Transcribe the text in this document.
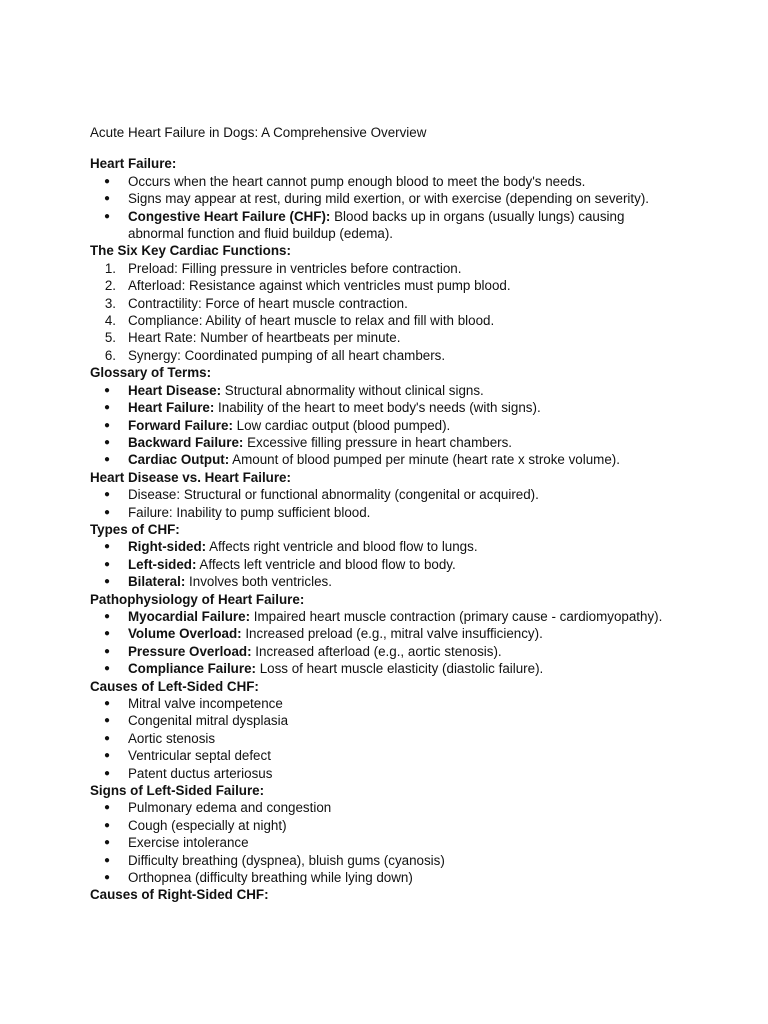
Acute Heart Failure in Dogs: A Comprehensive Overview
Heart Failure:
● Occurs when the heart cannot pump enough blood to meet the body's needs.
● Signs may appear at rest, during mild exertion, or with exercise (depending on severity).
● Congestive Heart Failure (CHF): Blood backs up in organs (usually lungs) causing abnormal function and fluid buildup (edema).
The Six Key Cardiac Functions:
1. Preload: Filling pressure in ventricles before contraction.
2. Afterload: Resistance against which ventricles must pump blood.
3. Contractility: Force of heart muscle contraction.
4. Compliance: Ability of heart muscle to relax and fill with blood.
5. Heart Rate: Number of heartbeats per minute.
6. Synergy: Coordinated pumping of all heart chambers.
Glossary of Terms:
● Heart Disease: Structural abnormality without clinical signs.
● Heart Failure: Inability of the heart to meet body's needs (with signs).
● Forward Failure: Low cardiac output (blood pumped).
● Backward Failure: Excessive filling pressure in heart chambers.
● Cardiac Output: Amount of blood pumped per minute (heart rate x stroke volume).
Heart Disease vs. Heart Failure:
● Disease: Structural or functional abnormality (congenital or acquired).
● Failure: Inability to pump sufficient blood.
Types of CHF:
● Right-sided: Affects right ventricle and blood flow to lungs.
● Left-sided: Affects left ventricle and blood flow to body.
● Bilateral: Involves both ventricles.
Pathophysiology of Heart Failure:
● Myocardial Failure: Impaired heart muscle contraction (primary cause - cardiomyopathy).
● Volume Overload: Increased preload (e.g., mitral valve insufficiency).
● Pressure Overload: Increased afterload (e.g., aortic stenosis).
● Compliance Failure: Loss of heart muscle elasticity (diastolic failure).
Causes of Left-Sided CHF:
● Mitral valve incompetence
● Congenital mitral dysplasia
● Aortic stenosis
● Ventricular septal defect
● Patent ductus arteriosus
Signs of Left-Sided Failure:
● Pulmonary edema and congestion
● Cough (especially at night)
● Exercise intolerance
● Difficulty breathing (dyspnea), bluish gums (cyanosis)
● Orthopnea (difficulty breathing while lying down)
Causes of Right-Sided CHF:
